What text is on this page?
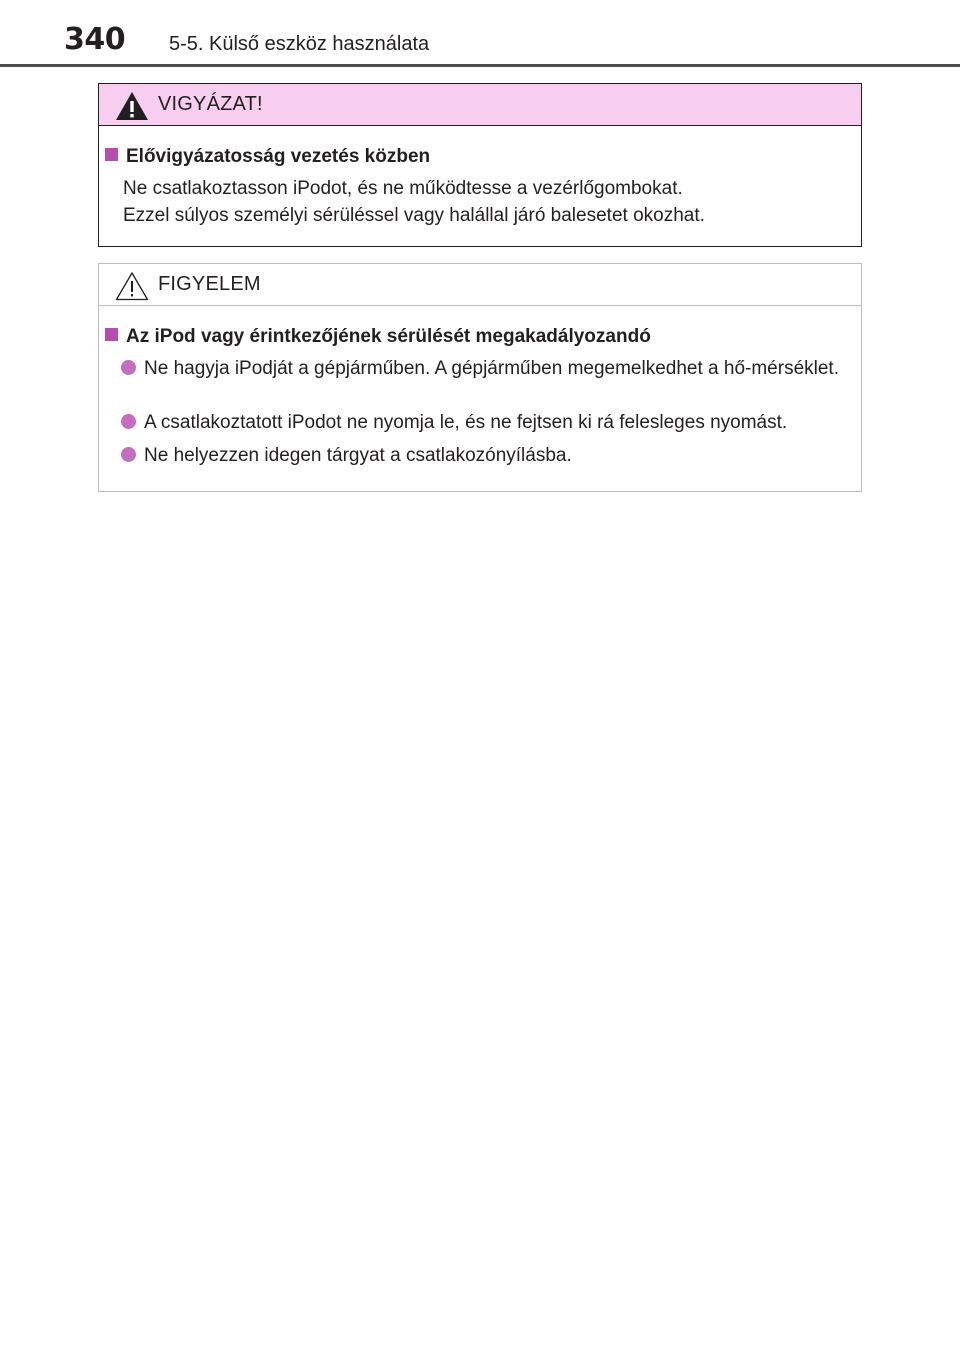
340 5-5. Külső eszköz használata
VIGYÁZAT!
Elővigyázatosság vezetés közben
Ne csatlakoztasson iPodot, és ne működtesse a vezérlőgombokat.
Ezzel súlyos személyi sérüléssel vagy halállal járó balesetet okozhat.
FIGYELEM
Az iPod vagy érintkezőjének sérülését megakadályozandó
Ne hagyja iPodját a gépjárműben. A gépjárműben megemelkedhet a hő-mérséklet.
A csatlakoztatott iPodot ne nyomja le, és ne fejtsen ki rá felesleges nyomást.
Ne helyezzen idegen tárgyat a csatlakozónyílásba.
